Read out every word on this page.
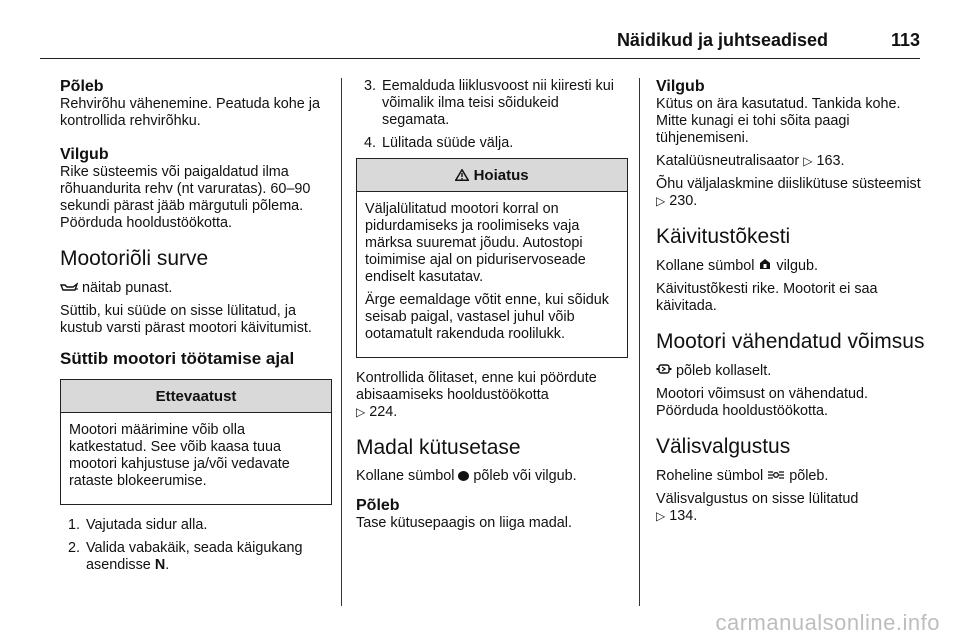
Näidikud ja juhtseadised	113
Põleb

Rehvirõhu vähenemine. Peatuda kohe ja kontrollida rehvirõhku.

Vilgub

Rike süsteemis või paigaldatud ilma rõhuandurita rehv (nt varuratas). 60–90 sekundi pärast jääb märgutuli põlema. Pöörduda hooldustöökotta.

Mootoriõli surve

näitab punast.

Süttib, kui süüde on sisse lülitatud, ja kustub varsti pärast mootori käivitumist.

Süttib mootori töötamise ajal
Ettevaatust

Mootori määrimine võib olla katkestatud. See võib kaasa tuua mootori kahjustuse ja/või vedavate rataste blokeerumise.

1. Vajutada sidur alla.
2. Valida vabakäik, seada käigukang asendisse N.
3. Eemalduda liiklusvoost nii kiiresti kui võimalik ilma teisi sõidukeid segamata.
4. Lülitada süüde välja.
Hoiatus

Väljalülitatud mootori korral on pidurdamiseks ja roolimiseks vaja märksa suuremat jõudu. Autostopi toimimise ajal on piduriservoseade endiselt kasutatav.

Ärge eemaldage võtit enne, kui sõiduk seisab paigal, vastasel juhul võib ootamatult rakenduda roolilukk.

Kontrollida õlitaset, enne kui pöördute abisaamiseks hooldustöökotta
▷ 224.

Madal kütusetase

Kollane sümbol põleb või vilgub.

Põleb

Tase kütusepaagis on liiga madal.

Vilgub

Kütus on ära kasutatud. Tankida kohe. Mitte kunagi ei tohi sõita paagi tühjenemiseni.

Katalüüsneutralisaator ▷ 163.

Õhu väljalaskmine diislikütuse süsteemist ▷ 230.

Käivitustõkesti

Kollane sümbol vilgub.

Käivitustõkesti rike. Mootorit ei saa käivitada.

Mootori vähendatud võimsus

põleb kollaselt.

Mootori võimsust on vähendatud. Pöörduda hooldustöökotta.

Välisvalgustus

Roheline sümbol põleb.

Välisvalgustus on sisse lülitatud
▷ 134.

carmanualsonline.info
